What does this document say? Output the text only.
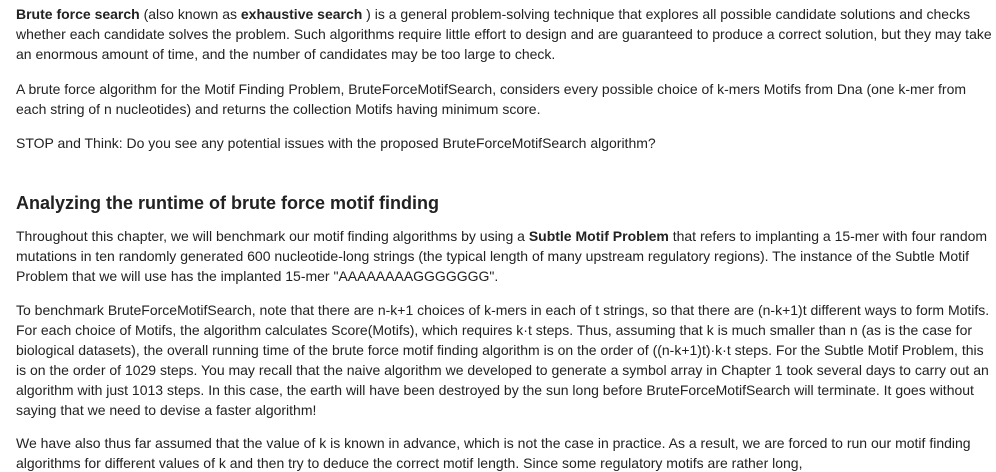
Brute force search (also known as exhaustive search ) is a general problem-solving technique that explores all possible candidate solutions and checks whether each candidate solves the problem. Such algorithms require little effort to design and are guaranteed to produce a correct solution, but they may take an enormous amount of time, and the number of candidates may be too large to check.

A brute force algorithm for the Motif Finding Problem, BruteForceMotifSearch, considers every possible choice of k-mers Motifs from Dna (one k-mer from each string of n nucleotides) and returns the collection Motifs having minimum score.

STOP and Think: Do you see any potential issues with the proposed BruteForceMotifSearch algorithm?

Analyzing the runtime of brute force motif finding

Throughout this chapter, we will benchmark our motif finding algorithms by using a Subtle Motif Problem that refers to implanting a 15-mer with four random mutations in ten randomly generated 600 nucleotide-long strings (the typical length of many upstream regulatory regions). The instance of the Subtle Motif Problem that we will use has the implanted 15-mer "AAAAAAAAGGGGGGG".

To benchmark BruteForceMotifSearch, note that there are n-k+1 choices of k-mers in each of t strings, so that there are (n-k+1)t different ways to form Motifs. For each choice of Motifs, the algorithm calculates Score(Motifs), which requires k·t steps. Thus, assuming that k is much smaller than n (as is the case for biological datasets), the overall running time of the brute force motif finding algorithm is on the order of ((n-k+1)t)·k·t steps. For the Subtle Motif Problem, this is on the order of 1029 steps. You may recall that the naive algorithm we developed to generate a symbol array in Chapter 1 took several days to carry out an algorithm with just 1013 steps. In this case, the earth will have been destroyed by the sun long before BruteForceMotifSearch will terminate. It goes without saying that we need to devise a faster algorithm!

We have also thus far assumed that the value of k is known in advance, which is not the case in practice. As a result, we are forced to run our motif finding algorithms for different values of k and then try to deduce the correct motif length. Since some regulatory motifs are rather long,
